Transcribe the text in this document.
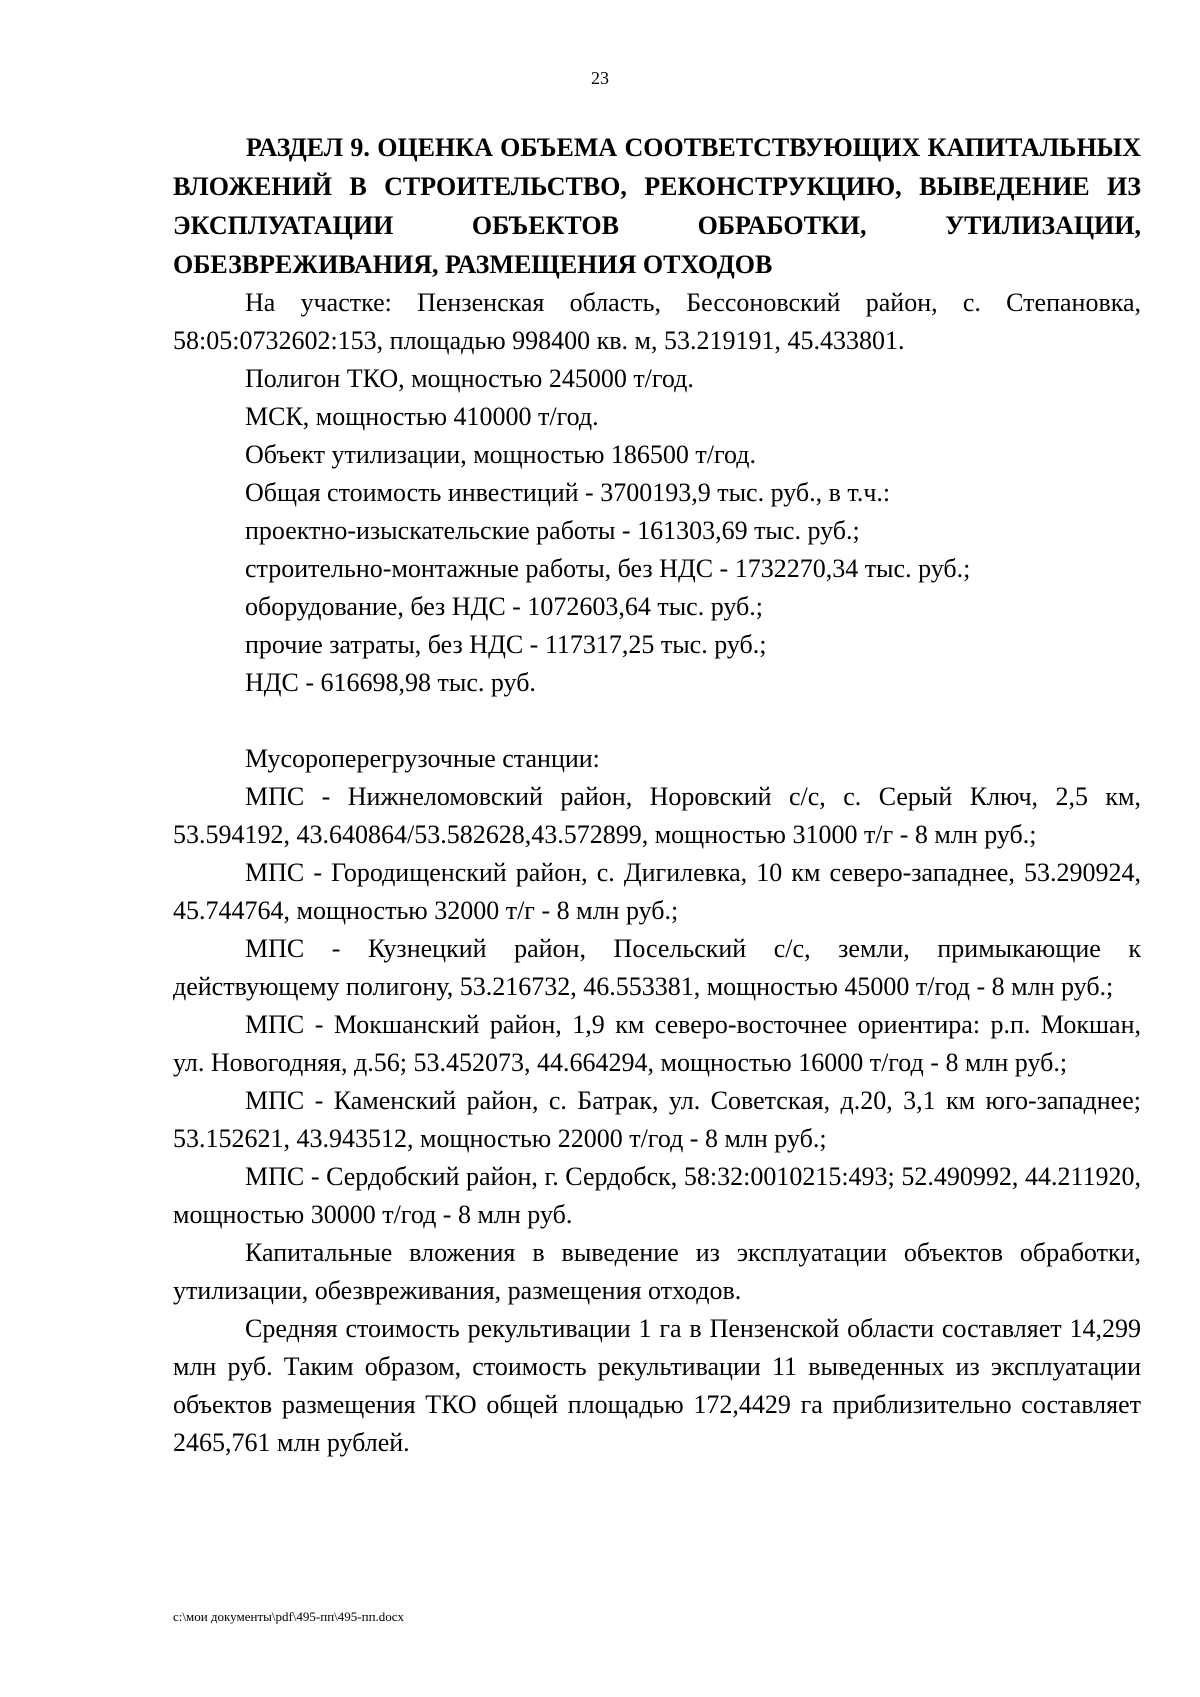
23

РАЗДЕЛ 9. ОЦЕНКА ОБЪЕМА СООТВЕТСТВУЮЩИХ КАПИТАЛЬНЫХ ВЛОЖЕНИЙ В СТРОИТЕЛЬСТВО, РЕКОНСТРУКЦИЮ, ВЫВЕДЕНИЕ ИЗ ЭКСПЛУАТАЦИИ ОБЪЕКТОВ ОБРАБОТКИ, УТИЛИЗАЦИИ, ОБЕЗВРЕЖИВАНИЯ, РАЗМЕЩЕНИЯ ОТХОДОВ

На участке: Пензенская область, Бессоновский район, с. Степановка, 58:05:0732602:153, площадью 998400 кв. м, 53.219191, 45.433801.

Полигон ТКО, мощностью 245000 т/год.

МСК, мощностью 410000 т/год.

Объект утилизации, мощностью 186500 т/год.

Общая стоимость инвестиций - 3700193,9 тыс. руб., в т.ч.:

проектно-изыскательские работы - 161303,69 тыс. руб.;

строительно-монтажные работы, без НДС - 1732270,34 тыс. руб.;

оборудование, без НДС - 1072603,64 тыс. руб.;

прочие затраты, без НДС - 117317,25 тыс. руб.;

НДС - 616698,98 тыс. руб.

Мусороперегрузочные станции:

МПС - Нижнеломовский район, Норовский с/с, с. Серый Ключ, 2,5 км, 53.594192, 43.640864/53.582628,43.572899, мощностью 31000 т/г - 8 млн руб.;

МПС - Городищенский район, с. Дигилевка, 10 км северо-западнее, 53.290924, 45.744764, мощностью 32000 т/г - 8 млн руб.;

МПС - Кузнецкий район, Посельский с/с, земли, примыкающие к действующему полигону, 53.216732, 46.553381, мощностью 45000 т/год - 8 млн руб.;

МПС - Мокшанский район, 1,9 км северо-восточнее ориентира: р.п. Мокшан, ул. Новогодняя, д.56; 53.452073, 44.664294, мощностью 16000 т/год - 8 млн руб.;

МПС - Каменский район, с. Батрак, ул. Советская, д.20, 3,1 км юго-западнее; 53.152621, 43.943512, мощностью 22000 т/год - 8 млн руб.;

МПС - Сердобский район, г. Сердобск, 58:32:0010215:493; 52.490992, 44.211920, мощностью 30000 т/год - 8 млн руб.

Капитальные вложения в выведение из эксплуатации объектов обработки, утилизации, обезвреживания, размещения отходов.

Средняя стоимость рекультивации 1 га в Пензенской области составляет 14,299 млн руб. Таким образом, стоимость рекультивации 11 выведенных из эксплуатации объектов размещения ТКО общей площадью 172,4429 га приблизительно составляет 2465,761 млн рублей.

c:\мои документы\pdf\495-пп\495-пп.docx
